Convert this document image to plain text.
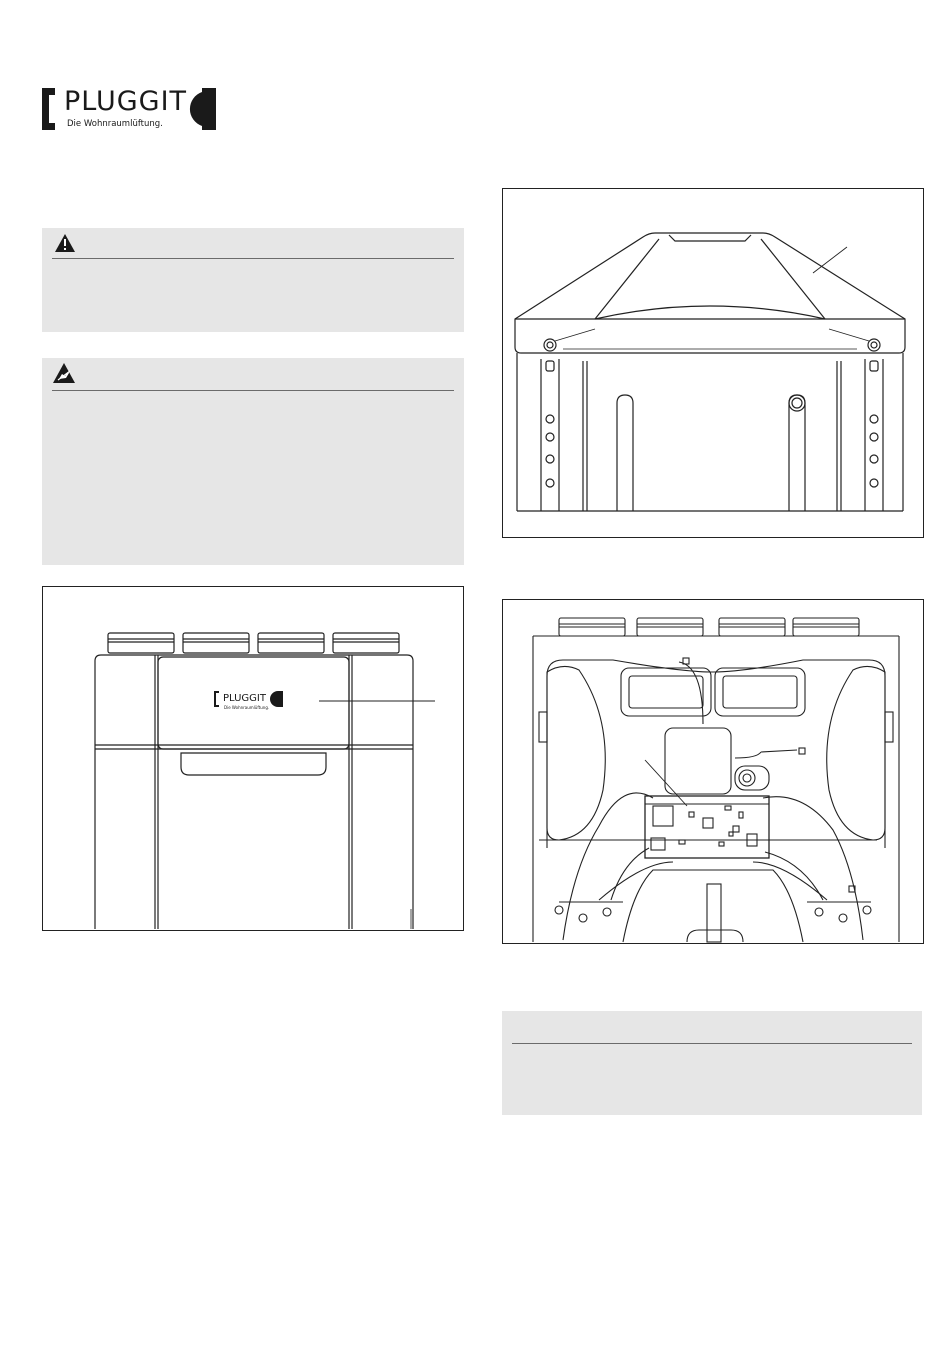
PLUGGIT
Die Wohnraumlüftung.
PLUGGIT
Die Wohnraumlüftung.
